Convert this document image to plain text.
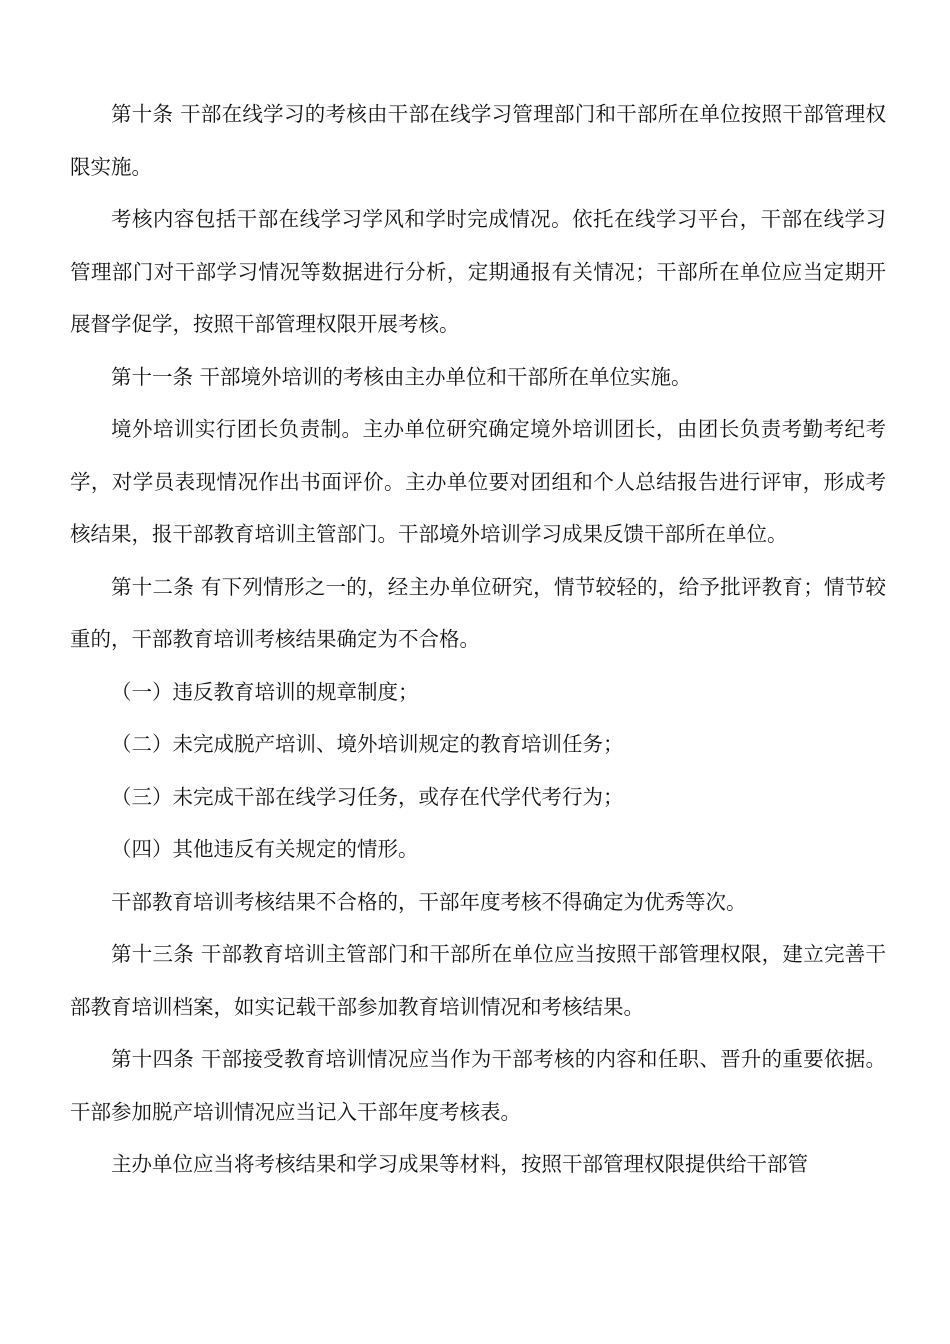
第十条 干部在线学习的考核由干部在线学习管理部门和干部所在单位按照干部管理权限实施。

考核内容包括干部在线学习学风和学时完成情况。依托在线学习平台，干部在线学习管理部门对干部学习情况等数据进行分析，定期通报有关情况；干部所在单位应当定期开展督学促学，按照干部管理权限开展考核。

第十一条 干部境外培训的考核由主办单位和干部所在单位实施。

境外培训实行团长负责制。主办单位研究确定境外培训团长，由团长负责考勤考纪考学，对学员表现情况作出书面评价。主办单位要对团组和个人总结报告进行评审，形成考核结果，报干部教育培训主管部门。干部境外培训学习成果反馈干部所在单位。

第十二条 有下列情形之一的，经主办单位研究，情节较轻的，给予批评教育；情节较重的，干部教育培训考核结果确定为不合格。

（一）违反教育培训的规章制度；

（二）未完成脱产培训、境外培训规定的教育培训任务；

（三）未完成干部在线学习任务，或存在代学代考行为；

（四）其他违反有关规定的情形。

干部教育培训考核结果不合格的，干部年度考核不得确定为优秀等次。

第十三条 干部教育培训主管部门和干部所在单位应当按照干部管理权限，建立完善干部教育培训档案，如实记载干部参加教育培训情况和考核结果。

第十四条 干部接受教育培训情况应当作为干部考核的内容和任职、晋升的重要依据。干部参加脱产培训情况应当记入干部年度考核表。

主办单位应当将考核结果和学习成果等材料，按照干部管理权限提供给干部管
